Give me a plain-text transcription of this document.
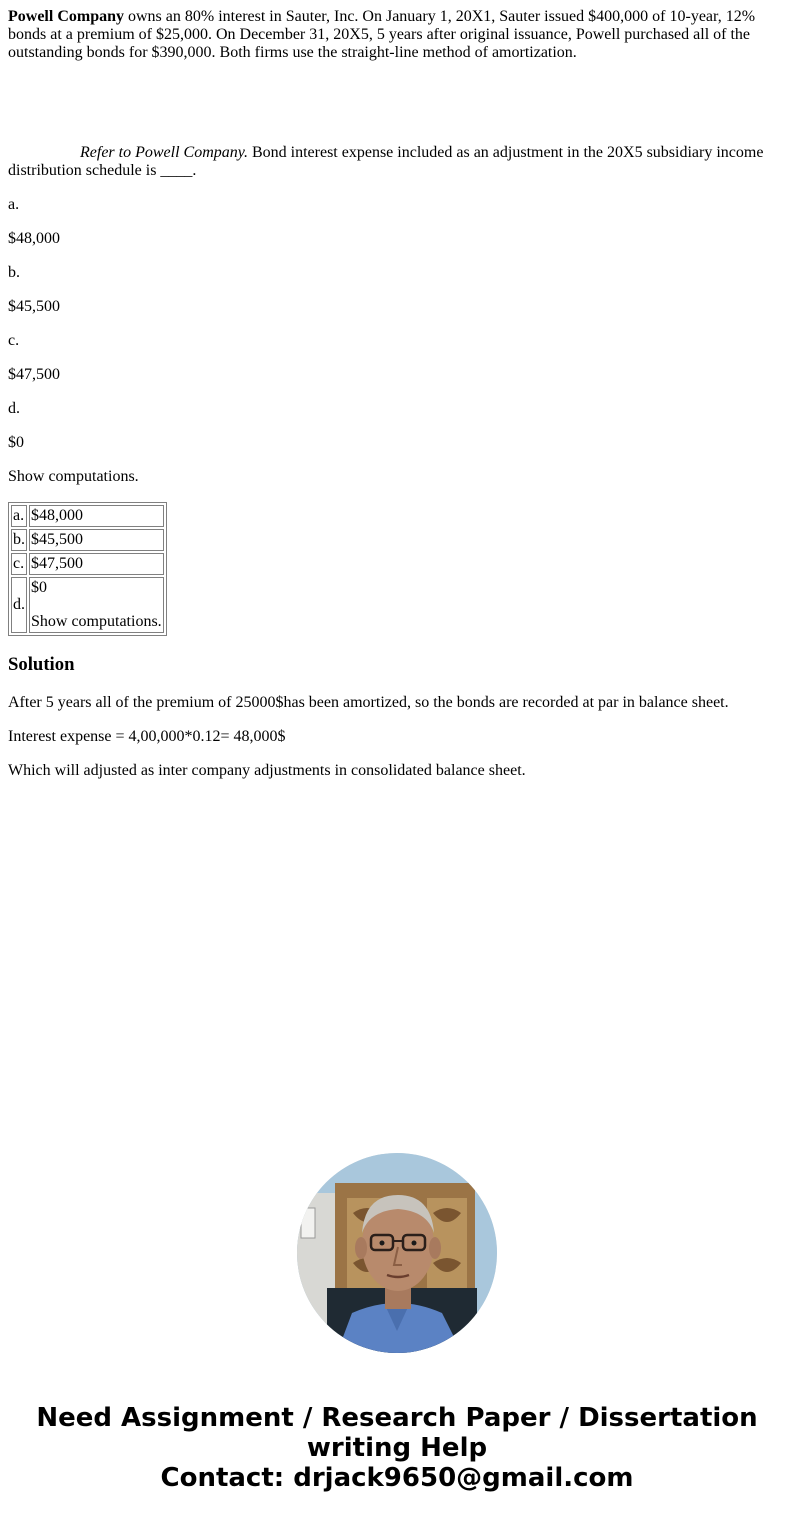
Powell Company owns an 80% interest in Sauter, Inc. On January 1, 20X1, Sauter issued $400,000 of 10-year, 12% bonds at a premium of $25,000. On December 31, 20X5, 5 years after original issuance, Powell purchased all of the outstanding bonds for $390,000. Both firms use the straight-line method of amortization.

Refer to Powell Company. Bond interest expense included as an adjustment in the 20X5 subsidiary income distribution schedule is ____.

a.

$48,000

b.

$45,500

c.

$47,500

d.

$0

Show computations.

a.	$48,000
b.	$45,500
c.	$47,500
d.	$0

Show computations.

Solution

After 5 years all of the premium of 25000$has been amortized, so the bonds are recorded at par in balance sheet.

Interest expense = 4,00,000*0.12= 48,000$

Which will adjusted as inter company adjustments in consolidated balance sheet.

Need Assignment / Research Paper / Dissertation
writing Help
Contact: drjack9650@gmail.com
